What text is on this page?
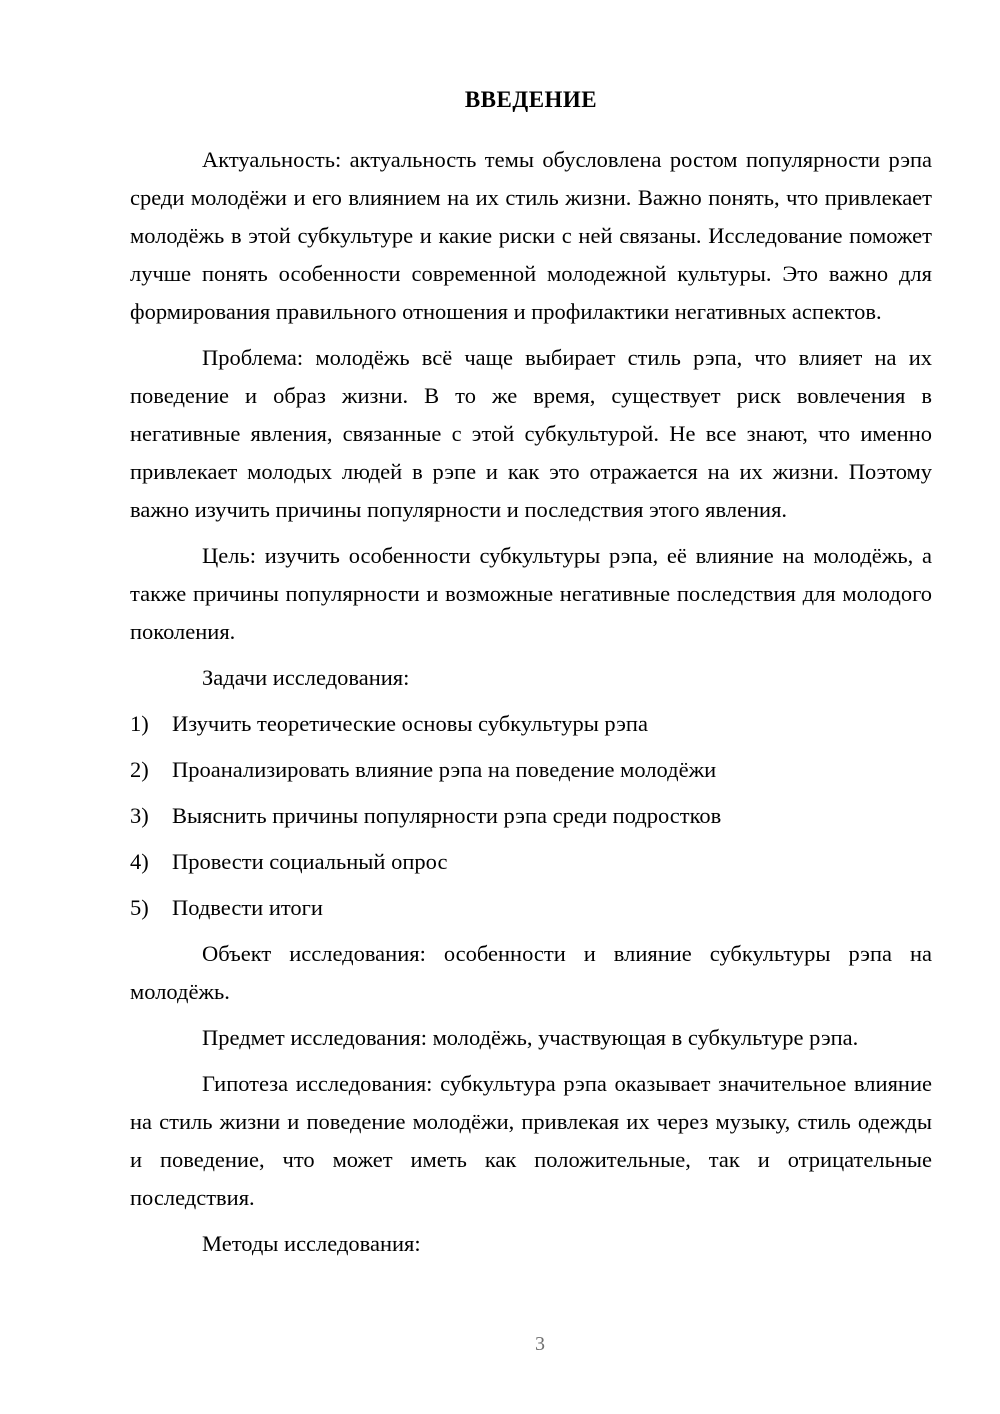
ВВЕДЕНИЕ

Актуальность: актуальность темы обусловлена ростом популярности рэпа среди молодёжи и его влиянием на их стиль жизни. Важно понять, что привлекает молодёжь в этой субкультуре и какие риски с ней связаны. Исследование поможет лучше понять особенности современной молодежной культуры. Это важно для формирования правильного отношения и профилактики негативных аспектов.

Проблема: молодёжь всё чаще выбирает стиль рэпа, что влияет на их поведение и образ жизни. В то же время, существует риск вовлечения в негативные явления, связанные с этой субкультурой. Не все знают, что именно привлекает молодых людей в рэпе и как это отражается на их жизни. Поэтому важно изучить причины популярности и последствия этого явления.

Цель: изучить особенности субкультуры рэпа, её влияние на молодёжь, а также причины популярности и возможные негативные последствия для молодого поколения.

Задачи исследования:

1)	Изучить теоретические основы субкультуры рэпа
2)	Проанализировать влияние рэпа на поведение молодёжи
3)	Выяснить причины популярности рэпа среди подростков
4)	Провести социальный опрос
5)	Подвести итоги

Объект исследования: особенности и влияние субкультуры рэпа на молодёжь.

Предмет исследования: молодёжь, участвующая в субкультуре рэпа.

Гипотеза исследования: субкультура рэпа оказывает значительное влияние на стиль жизни и поведение молодёжи, привлекая их через музыку, стиль одежды и поведение, что может иметь как положительные, так и отрицательные последствия.

Методы исследования:

3
